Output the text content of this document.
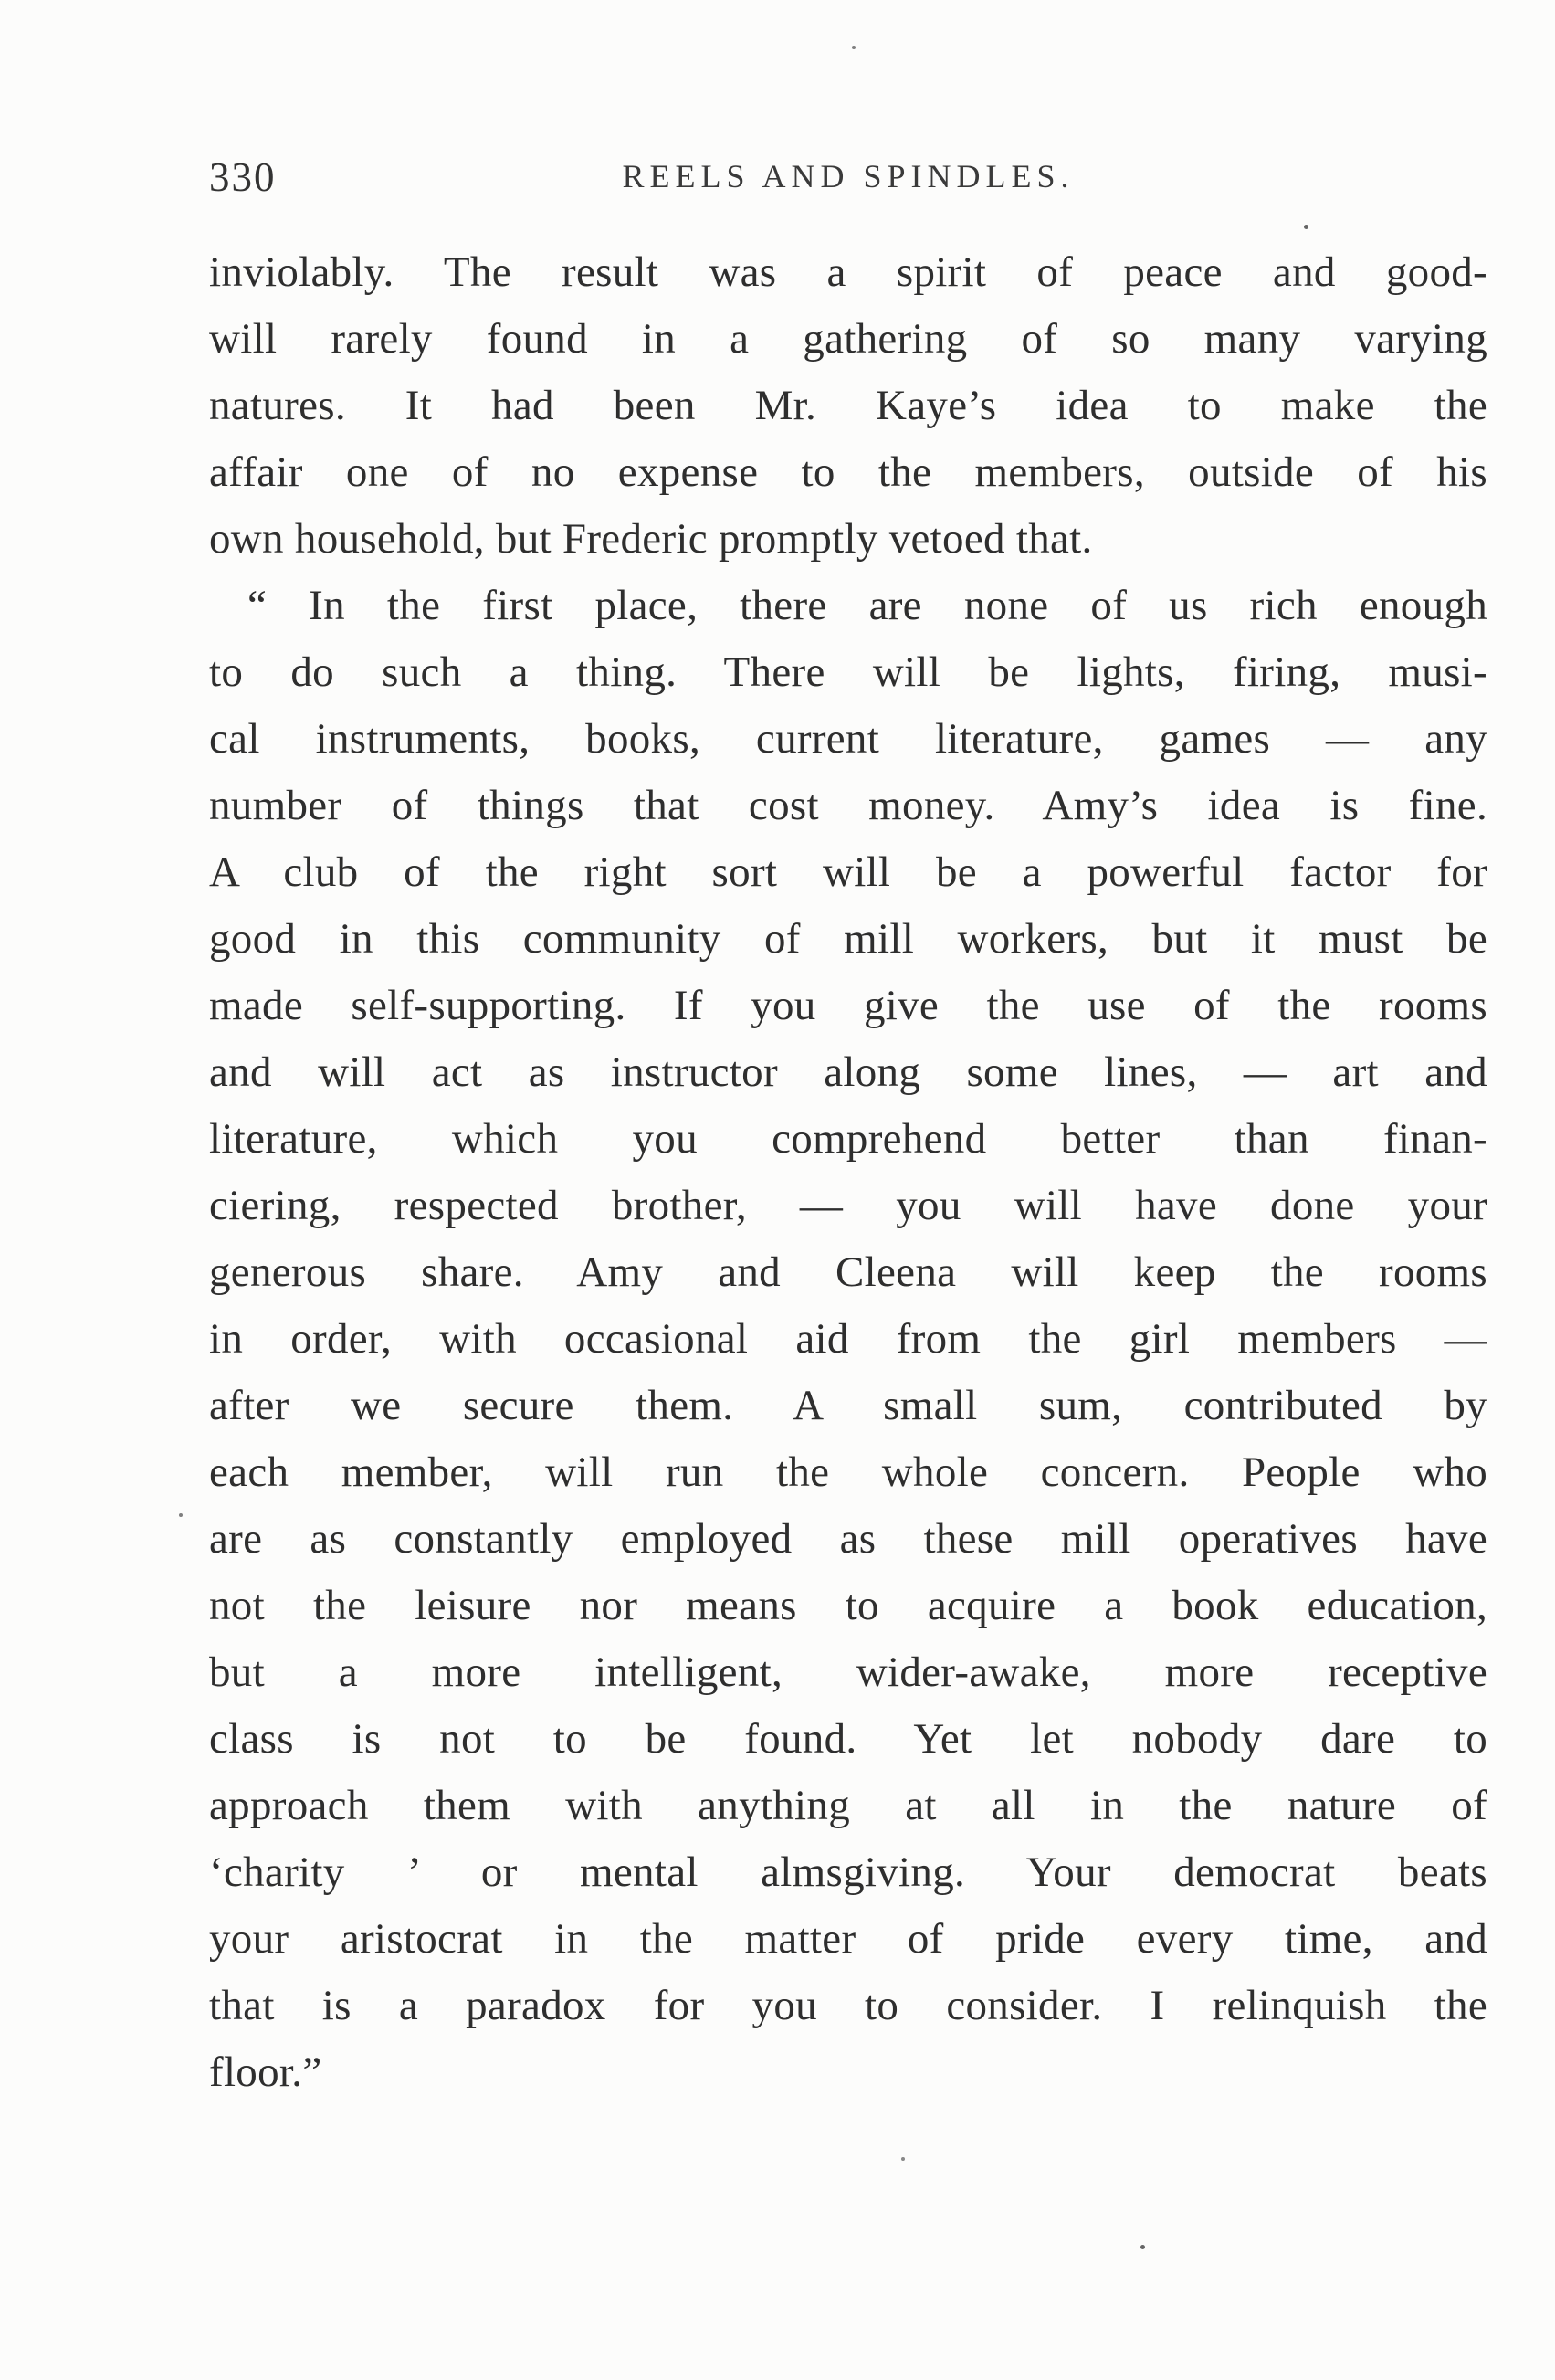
330	REELS AND SPINDLES.
inviolably. The result was a spirit of peace and good-
will rarely found in a gathering of so many varying
natures. It had been Mr. Kaye’s idea to make the
affair one of no expense to the members, outside of his
own household, but Frederic promptly vetoed that.
“ In the first place, there are none of us rich enough
to do such a thing. There will be lights, firing, musi-
cal instruments, books, current literature, games — any
number of things that cost money. Amy’s idea is fine.
A club of the right sort will be a powerful factor for
good in this community of mill workers, but it must be
made self-supporting. If you give the use of the rooms
and will act as instructor along some lines, — art and
literature, which you comprehend better than finan-
ciering, respected brother, — you will have done your
generous share. Amy and Cleena will keep the rooms
in order, with occasional aid from the girl members —
after we secure them. A small sum, contributed by
each member, will run the whole concern. People who
are as constantly employed as these mill operatives have
not the leisure nor means to acquire a book education,
but a more intelligent, wider-awake, more receptive
class is not to be found. Yet let nobody dare to
approach them with anything at all in the nature of
‘charity ’ or mental almsgiving. Your democrat beats
your aristocrat in the matter of pride every time, and
that is a paradox for you to consider. I relinquish the
floor.”
